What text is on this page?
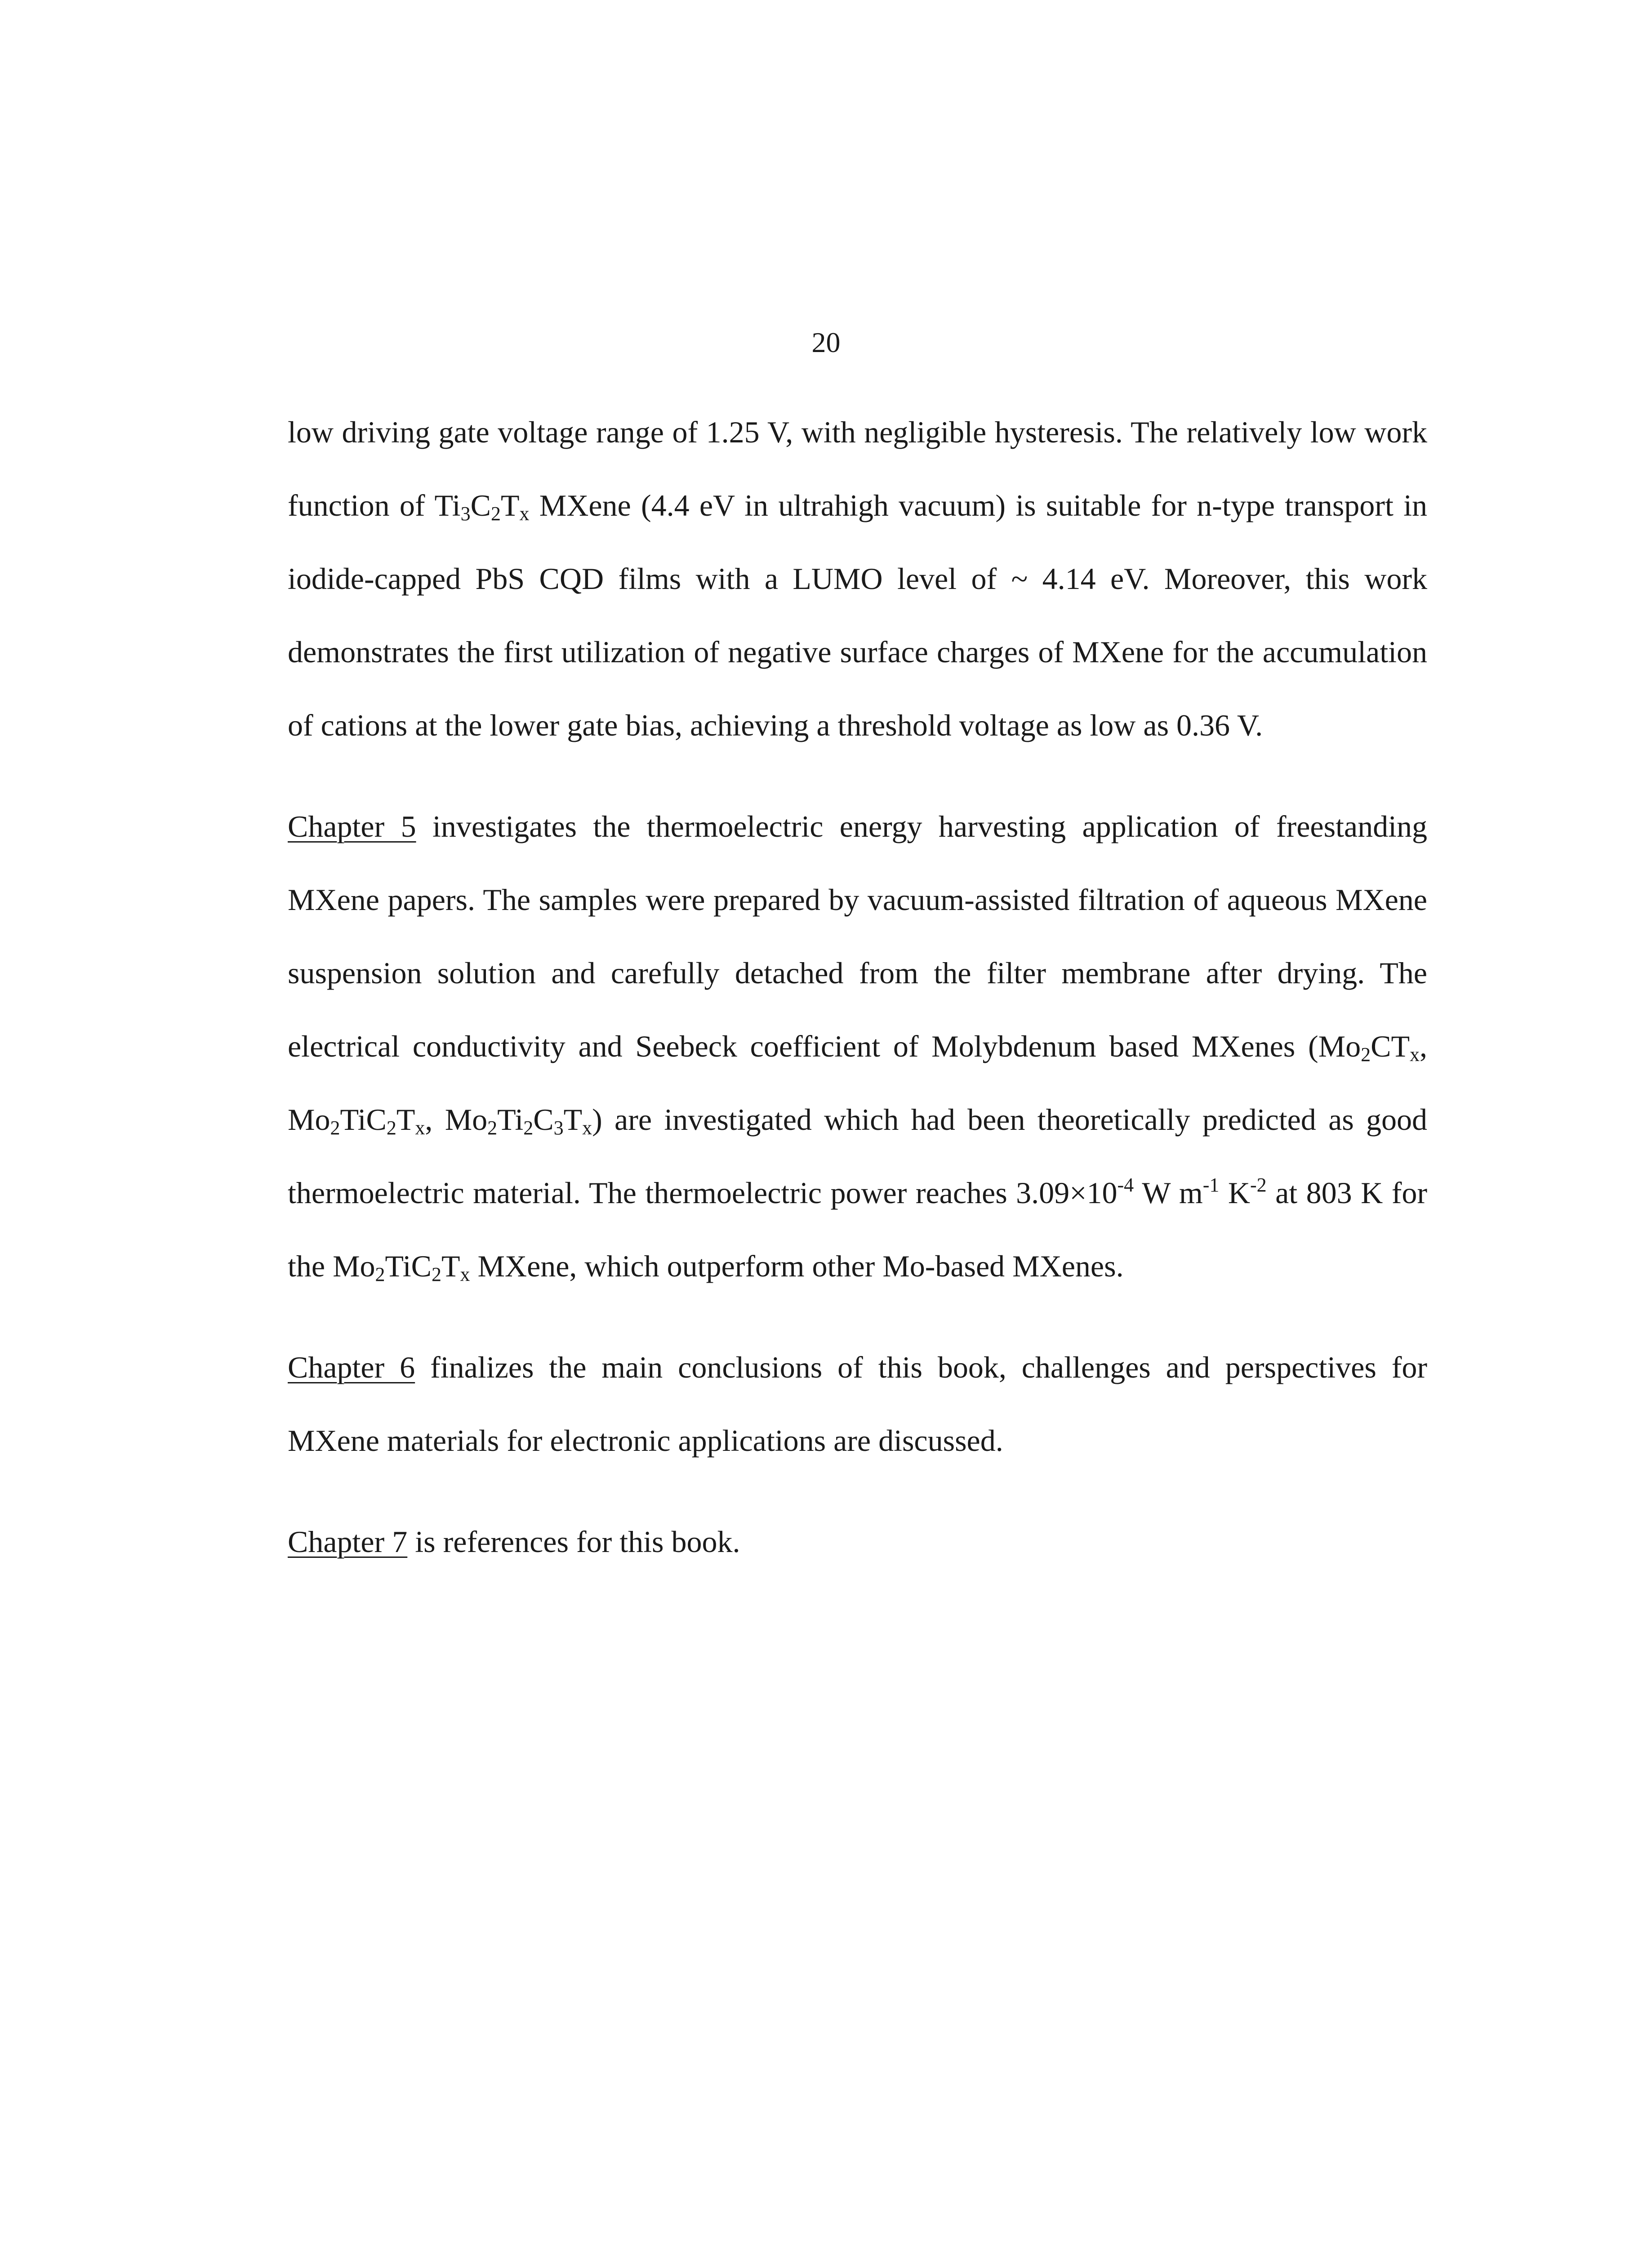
20

low driving gate voltage range of 1.25 V, with negligible hysteresis. The relatively low work function of $Ti_3C_2T_x$ MXene (4.4 eV in ultrahigh vacuum) is suitable for n-type transport in iodide-capped PbS CQD films with a LUMO level of ~ 4.14 eV. Moreover, this work demonstrates the first utilization of negative surface charges of MXene for the accumulation of cations at the lower gate bias, achieving a threshold voltage as low as 0.36 V.

Chapter 5 investigates the thermoelectric energy harvesting application of freestanding MXene papers. The samples were prepared by vacuum-assisted filtration of aqueous MXene suspension solution and carefully detached from the filter membrane after drying. The electrical conductivity and Seebeck coefficient of Molybdenum based MXenes ($Mo_2CT_x$, $Mo_2TiC_2T_x$, $Mo_2Ti_2C_3T_x$) are investigated which had been theoretically predicted as good thermoelectric material. The thermoelectric power reaches $3.09\times 10^{-4}$ W $m^{-1}$ $K^{-2}$ at 803 K for the $Mo_2TiC_2T_x$ MXene, which outperform other Mo-based MXenes.

Chapter 6 finalizes the main conclusions of this book, challenges and perspectives for MXene materials for electronic applications are discussed.

Chapter 7 is references for this book.
